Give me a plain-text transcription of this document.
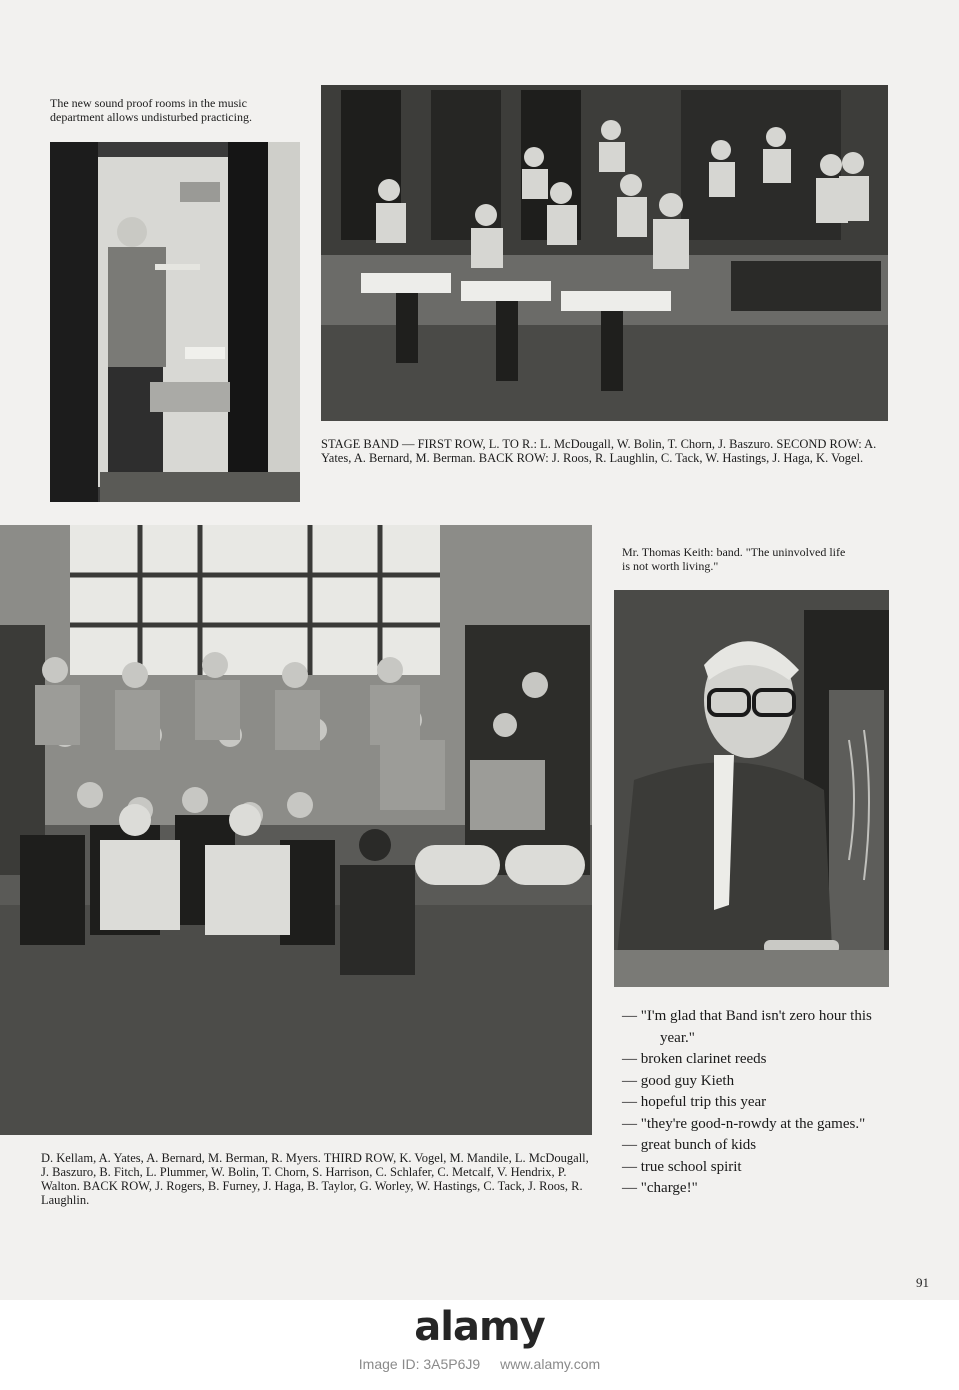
The new sound proof rooms in the music
department allows undisturbed practicing.

STAGE BAND — FIRST ROW, L. TO R.: L. McDougall, W. Bolin, T. Chorn, J. Baszuro. SECOND ROW: A. Yates, A. Bernard, M. Berman. BACK ROW: J. Roos, R. Laughlin, C. Tack, W. Hastings, J. Haga, K. Vogel.

D. Kellam, A. Yates, A. Bernard, M. Berman, R. Myers. THIRD ROW, K. Vogel, M. Mandile, L. McDougall, J. Baszuro, B. Fitch, L. Plummer, W. Bolin, T. Chorn, S. Harrison, C. Schlafer, C. Metcalf, V. Hendrix, P. Walton. BACK ROW, J. Rogers, B. Furney, J. Haga, B. Taylor, G. Worley, W. Hastings, C. Tack, J. Roos, R. Laughlin.

Mr. Thomas Keith: band. "The uninvolved life
is not worth living."

— "I'm glad that Band isn't zero hour this year."
— broken clarinet reeds
— good guy Kieth
— hopeful trip this year
— "they're good-n-rowdy at the games."
— great bunch of kids
— true school spirit
— "charge!"

91

alamy
Image ID: 3A5P6J9 www.alamy.com
